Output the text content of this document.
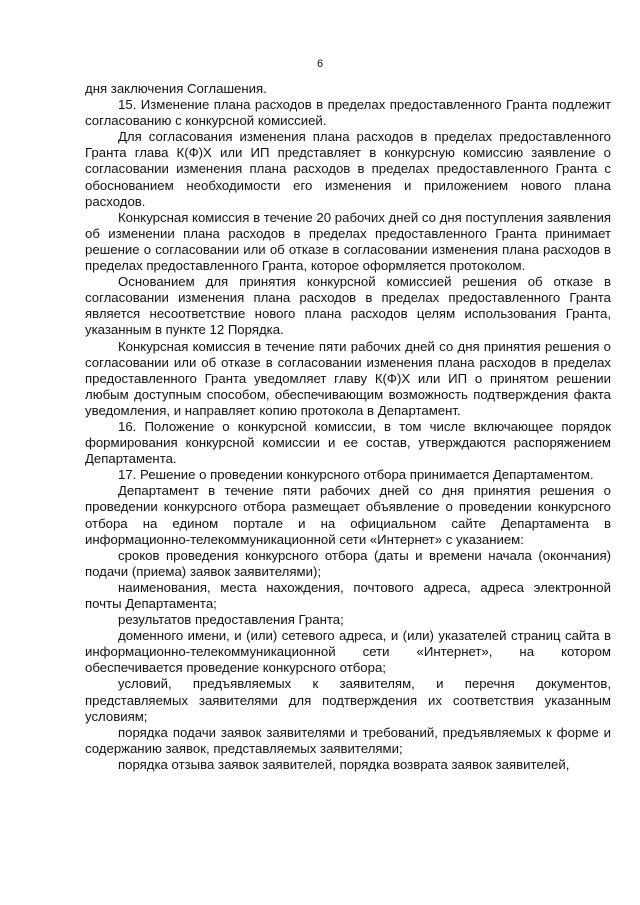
6

дня заключения Соглашения.

15. Изменение плана расходов в пределах предоставленного Гранта подлежит согласованию с конкурсной комиссией.

Для согласования изменения плана расходов в пределах предоставленного Гранта глава К(Ф)Х или ИП представляет в конкурсную комиссию заявление о согласовании изменения плана расходов в пределах предоставленного Гранта с обоснованием необходимости его изменения и приложением нового плана расходов.

Конкурсная комиссия в течение 20 рабочих дней со дня поступления заявления об изменении плана расходов в пределах предоставленного Гранта принимает решение о согласовании или об отказе в согласовании изменения плана расходов в пределах предоставленного Гранта, которое оформляется протоколом.

Основанием для принятия конкурсной комиссией решения об отказе в согласовании изменения плана расходов в пределах предоставленного Гранта является несоответствие нового плана расходов целям использования Гранта, указанным в пункте 12 Порядка.

Конкурсная комиссия в течение пяти рабочих дней со дня принятия решения о согласовании или об отказе в согласовании изменения плана расходов в пределах предоставленного Гранта уведомляет главу К(Ф)Х или ИП о принятом решении любым доступным способом, обеспечивающим возможность подтверждения факта уведомления, и направляет копию протокола в Департамент.

16. Положение о конкурсной комиссии, в том числе включающее порядок формирования конкурсной комиссии и ее состав, утверждаются распоряжением Департамента.

17. Решение о проведении конкурсного отбора принимается Департаментом.

Департамент в течение пяти рабочих дней со дня принятия решения о проведении конкурсного отбора размещает объявление о проведении конкурсного отбора на едином портале и на официальном сайте Департамента в информационно-телекоммуникационной сети «Интернет» с указанием:

сроков проведения конкурсного отбора (даты и времени начала (окончания) подачи (приема) заявок заявителями);

наименования, места нахождения, почтового адреса, адреса электронной почты Департамента;

результатов предоставления Гранта;

доменного имени, и (или) сетевого адреса, и (или) указателей страниц сайта в информационно-телекоммуникационной сети «Интернет», на котором обеспечивается проведение конкурсного отбора;

условий, предъявляемых к заявителям, и перечня документов, представляемых заявителями для подтверждения их соответствия указанным условиям;

порядка подачи заявок заявителями и требований, предъявляемых к форме и содержанию заявок, представляемых заявителями;

порядка отзыва заявок заявителей, порядка возврата заявок заявителей,
